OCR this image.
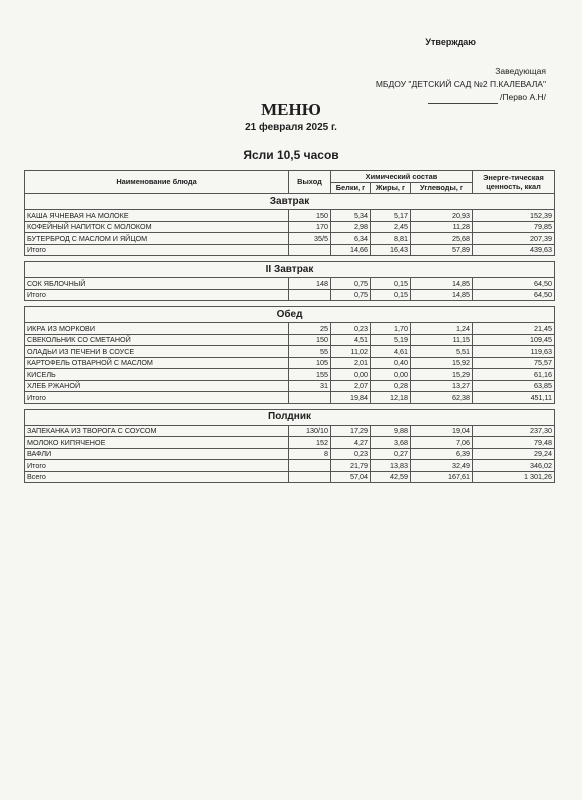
Утверждаю
Заведующая
МБДОУ "ДЕТСКИЙ САД №2 П.КАЛЕВАЛА"
/Перво А.Н/
МЕНЮ
21 февраля 2025 г.
Ясли 10,5 часов
Наименование блюда	Выход	Химический состав			Энерге-тическая ценность, ккал
		Белки, г	Жиры, г	Углеводы, г	
Завтрак					
КАША ЯЧНЕВАЯ НА МОЛОКЕ	150	5,34	5,17	20,93	152,39
КОФЕЙНЫЙ НАПИТОК С МОЛОКОМ	170	2,98	2,45	11,28	79,85
БУТЕРБРОД С МАСЛОМ И ЯЙЦОМ	35/5	6,34	8,81	25,68	207,39
Итого		14,66	16,43	57,89	439,63

II Завтрак					
СОК ЯБЛОЧНЫЙ	148	0,75	0,15	14,85	64,50
Итого		0,75	0,15	14,85	64,50

Обед					
ИКРА ИЗ МОРКОВИ	25	0,23	1,70	1,24	21,45
СВЕКОЛЬНИК СО СМЕТАНОЙ	150	4,51	5,19	11,15	109,45
ОЛАДЬИ ИЗ ПЕЧЕНИ В СОУСЕ	55	11,02	4,61	5,51	119,63
КАРТОФЕЛЬ ОТВАРНОЙ С МАСЛОМ	105	2,01	0,40	15,92	75,57
КИСЕЛЬ	155	0,00	0,00	15,29	61,16
ХЛЕБ РЖАНОЙ	31	2,07	0,28	13,27	63,85
Итого		19,84	12,18	62,38	451,11

Полдник					
ЗАПЕКАНКА ИЗ ТВОРОГА С СОУСОМ	130/10	17,29	9,88	19,04	237,30
МОЛОКО КИПЯЧЕНОЕ	152	4,27	3,68	7,06	79,48
ВАФЛИ	8	0,23	0,27	6,39	29,24
Итого		21,79	13,83	32,49	346,02
Всего		57,04	42,59	167,61	1 301,26
